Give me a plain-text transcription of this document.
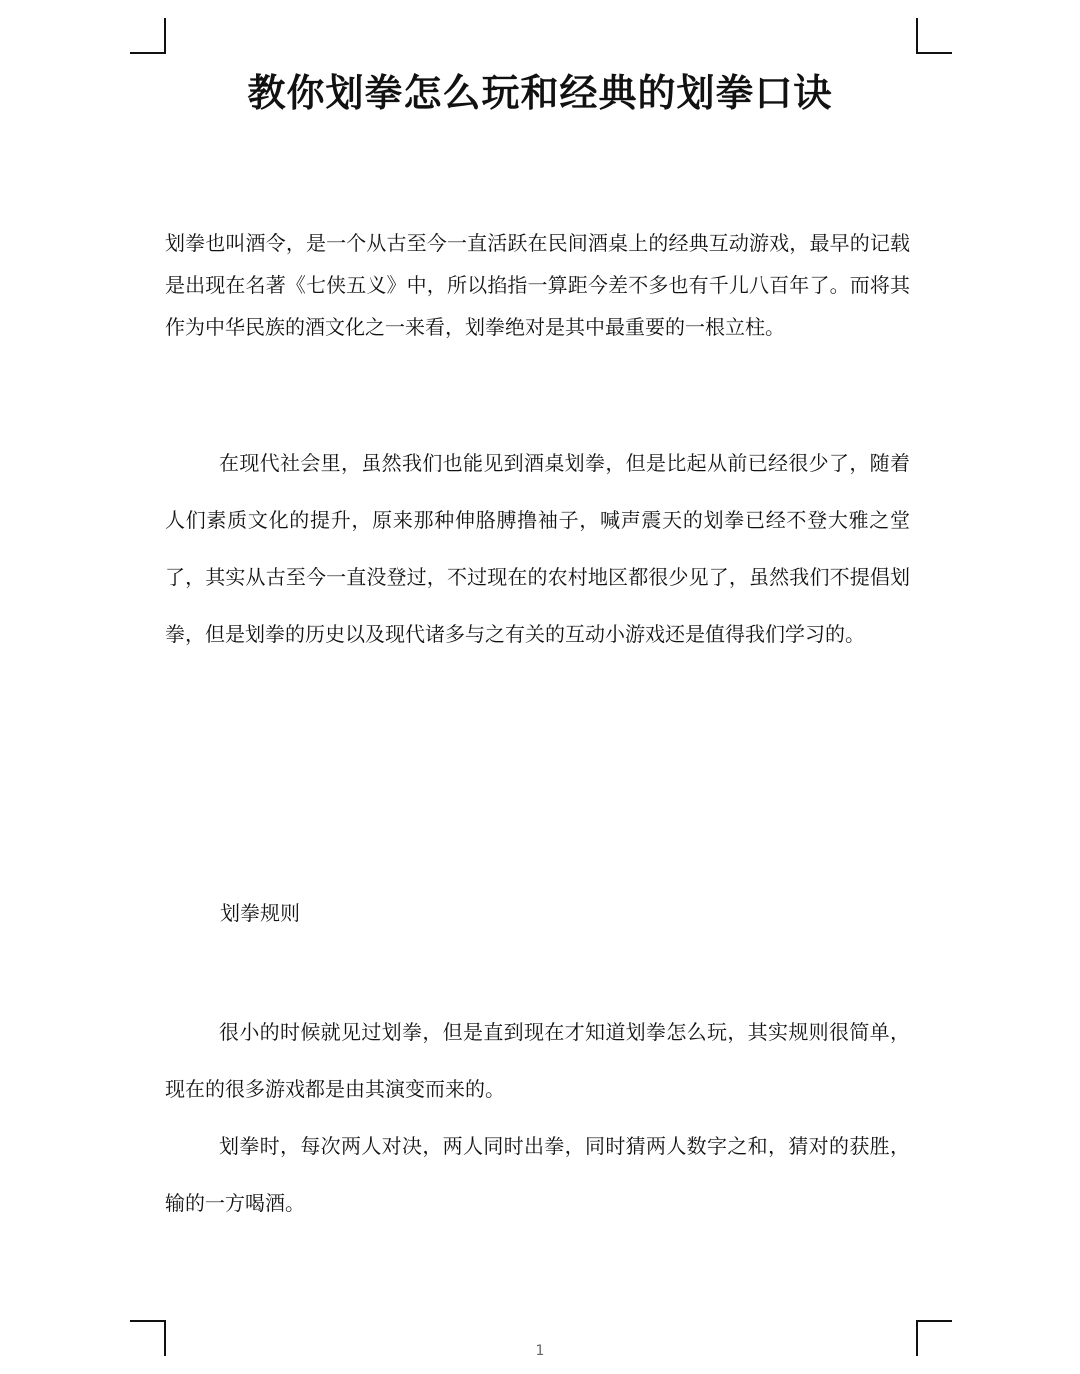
教你划拳怎么玩和经典的划拳口诀

划拳也叫酒令，是一个从古至今一直活跃在民间酒桌上的经典互动游戏，最早的记载是出现在名著《七侠五义》中，所以掐指一算距今差不多也有千儿八百年了。而将其作为中华民族的酒文化之一来看，划拳绝对是其中最重要的一根立柱。

在现代社会里，虽然我们也能见到酒桌划拳，但是比起从前已经很少了，随着人们素质文化的提升，原来那种伸胳膊撸袖子，喊声震天的划拳已经不登大雅之堂了，其实从古至今一直没登过，不过现在的农村地区都很少见了，虽然我们不提倡划拳，但是划拳的历史以及现代诸多与之有关的互动小游戏还是值得我们学习的。

划拳规则

很小的时候就见过划拳，但是直到现在才知道划拳怎么玩，其实规则很简单，现在的很多游戏都是由其演变而来的。

划拳时，每次两人对决，两人同时出拳，同时猜两人数字之和，猜对的获胜，输的一方喝酒。

1
